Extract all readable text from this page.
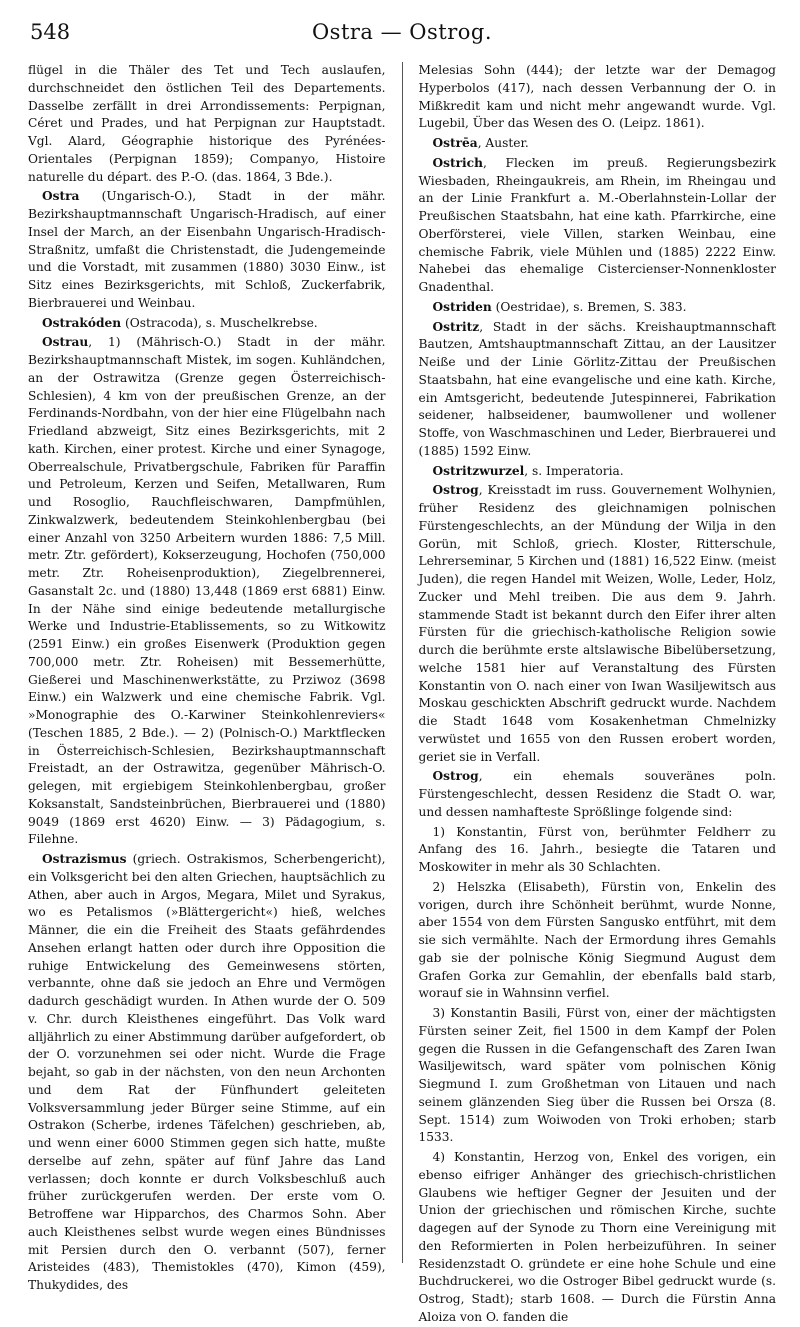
548	Ostra — Ostrog.

flügel in die Thäler des Tet und Tech auslaufen, durchschneidet den östlichen Teil des Departements. Dasselbe zerfällt in drei Arrondissements: Perpignan, Céret und Prades, und hat Perpignan zur Hauptstadt. Vgl. Alard, Géographie historique des Pyrénées-Orientales (Perpignan 1859); Companyo, Histoire naturelle du départ. des P.-O. (das. 1864, 3 Bde.).

Ostra (Ungarisch-O.), Stadt in der mähr. Bezirkshauptmannschaft Ungarisch-Hradisch, auf einer Insel der March, an der Eisenbahn Ungarisch-Hradisch-Straßnitz, umfaßt die Christenstadt, die Judengemeinde und die Vorstadt, mit zusammen (1880) 3030 Einw., ist Sitz eines Bezirksgerichts, mit Schloß, Zuckerfabrik, Bierbrauerei und Weinbau.

Ostrakóden (Ostracoda), s. Muschelkrebse.

Ostrau, 1) (Mährisch-O.) Stadt in der mähr. Bezirkshauptmannschaft Mistek, im sogen. Kuhländchen, an der Ostrawitza (Grenze gegen Österreichisch-Schlesien), 4 km von der preußischen Grenze, an der Ferdinands-Nordbahn, von der hier eine Flügelbahn nach Friedland abzweigt, Sitz eines Bezirksgerichts, mit 2 kath. Kirchen, einer protest. Kirche und einer Synagoge, Oberrealschule, Privatbergschule, Fabriken für Paraffin und Petroleum, Kerzen und Seifen, Metallwaren, Rum und Rosoglio, Rauchfleischwaren, Dampfmühlen, Zinkwalzwerk, bedeutendem Steinkohlenbergbau (bei einer Anzahl von 3250 Arbeitern wurden 1886: 7,5 Mill. metr. Ztr. gefördert), Kokserzeugung, Hochofen (750,000 metr. Ztr. Roheisenproduktion), Ziegelbrennerei, Gasanstalt 2c. und (1880) 13,448 (1869 erst 6881) Einw. In der Nähe sind einige bedeutende metallurgische Werke und Industrie-Etablissements, so zu Witkowitz (2591 Einw.) ein großes Eisenwerk (Produktion gegen 700,000 metr. Ztr. Roheisen) mit Bessemerhütte, Gießerei und Maschinenwerkstätte, zu Prziwoz (3698 Einw.) ein Walzwerk und eine chemische Fabrik. Vgl. »Monographie des O.-Karwiner Steinkohlenreviers« (Teschen 1885, 2 Bde.). — 2) (Polnisch-O.) Marktflecken in Österreichisch-Schlesien, Bezirkshauptmannschaft Freistadt, an der Ostrawitza, gegenüber Mährisch-O. gelegen, mit ergiebigem Steinkohlenbergbau, großer Koksanstalt, Sandsteinbrüchen, Bierbrauerei und (1880) 9049 (1869 erst 4620) Einw. — 3) Pädagogium, s. Filehne.

Ostrazismus (griech. Ostrakismos, Scherbengericht), ein Volksgericht bei den alten Griechen, hauptsächlich zu Athen, aber auch in Argos, Megara, Milet und Syrakus, wo es Petalismos (»Blättergericht«) hieß, welches Männer, die ein die Freiheit des Staats gefährdendes Ansehen erlangt hatten oder durch ihre Opposition die ruhige Entwickelung des Gemeinwesens störten, verbannte, ohne daß sie jedoch an Ehre und Vermögen dadurch geschädigt wurden. In Athen wurde der O. 509 v. Chr. durch Kleisthenes eingeführt. Das Volk ward alljährlich zu einer Abstimmung darüber aufgefordert, ob der O. vorzunehmen sei oder nicht. Wurde die Frage bejaht, so gab in der nächsten, von den neun Archonten und dem Rat der Fünfhundert geleiteten Volksversammlung jeder Bürger seine Stimme, auf ein Ostrakon (Scherbe, irdenes Täfelchen) geschrieben, ab, und wenn einer 6000 Stimmen gegen sich hatte, mußte derselbe auf zehn, später auf fünf Jahre das Land verlassen; doch konnte er durch Volksbeschluß auch früher zurückgerufen werden. Der erste vom O. Betroffene war Hipparchos, des Charmos Sohn. Aber auch Kleisthenes selbst wurde wegen eines Bündnisses mit Persien durch den O. verbannt (507), ferner Aristeides (483), Themistokles (470), Kimon (459), Thukydides, des

Melesias Sohn (444); der letzte war der Demagog Hyperbolos (417), nach dessen Verbannung der O. in Mißkredit kam und nicht mehr angewandt wurde. Vgl. Lugebil, Über das Wesen des O. (Leipz. 1861).

Ostrēa, Auster.

Ostrich, Flecken im preuß. Regierungsbezirk Wiesbaden, Rheingaukreis, am Rhein, im Rheingau und an der Linie Frankfurt a. M.-Oberlahnstein-Lollar der Preußischen Staatsbahn, hat eine kath. Pfarrkirche, eine Oberförsterei, viele Villen, starken Weinbau, eine chemische Fabrik, viele Mühlen und (1885) 2222 Einw. Nahebei das ehemalige Cistercienser-Nonnenkloster Gnadenthal.

Ostriden (Oestridae), s. Bremen, S. 383.

Ostritz, Stadt in der sächs. Kreishauptmannschaft Bautzen, Amtshauptmannschaft Zittau, an der Lausitzer Neiße und der Linie Görlitz-Zittau der Preußischen Staatsbahn, hat eine evangelische und eine kath. Kirche, ein Amtsgericht, bedeutende Jutespinnerei, Fabrikation seidener, halbseidener, baumwollener und wollener Stoffe, von Waschmaschinen und Leder, Bierbrauerei und (1885) 1592 Einw.

Ostritzwurzel, s. Imperatoria.

Ostrog, Kreisstadt im russ. Gouvernement Wolhynien, früher Residenz des gleichnamigen polnischen Fürstengeschlechts, an der Mündung der Wilja in den Gorün, mit Schloß, griech. Kloster, Ritterschule, Lehrerseminar, 5 Kirchen und (1881) 16,522 Einw. (meist Juden), die regen Handel mit Weizen, Wolle, Leder, Holz, Zucker und Mehl treiben. Die aus dem 9. Jahrh. stammende Stadt ist bekannt durch den Eifer ihrer alten Fürsten für die griechisch-katholische Religion sowie durch die berühmte erste altslawische Bibelübersetzung, welche 1581 hier auf Veranstaltung des Fürsten Konstantin von O. nach einer von Iwan Wasiljewitsch aus Moskau geschickten Abschrift gedruckt wurde. Nachdem die Stadt 1648 vom Kosakenhetman Chmelnizky verwüstet und 1655 von den Russen erobert worden, geriet sie in Verfall.

Ostrog, ein ehemals souveränes poln. Fürstengeschlecht, dessen Residenz die Stadt O. war, und dessen namhafteste Sprößlinge folgende sind:

1) Konstantin, Fürst von, berühmter Feldherr zu Anfang des 16. Jahrh., besiegte die Tataren und Moskowiter in mehr als 30 Schlachten.

2) Helszka (Elisabeth), Fürstin von, Enkelin des vorigen, durch ihre Schönheit berühmt, wurde Nonne, aber 1554 von dem Fürsten Sangusko entführt, mit dem sie sich vermählte. Nach der Ermordung ihres Gemahls gab sie der polnische König Siegmund August dem Grafen Gorka zur Gemahlin, der ebenfalls bald starb, worauf sie in Wahnsinn verfiel.

3) Konstantin Basili, Fürst von, einer der mächtigsten Fürsten seiner Zeit, fiel 1500 in dem Kampf der Polen gegen die Russen in die Gefangenschaft des Zaren Iwan Wasiljewitsch, ward später vom polnischen König Siegmund I. zum Großhetman von Litauen und nach seinem glänzenden Sieg über die Russen bei Orsza (8. Sept. 1514) zum Woiwoden von Troki erhoben; starb 1533.

4) Konstantin, Herzog von, Enkel des vorigen, ein ebenso eifriger Anhänger des griechisch-christlichen Glaubens wie heftiger Gegner der Jesuiten und der Union der griechischen und römischen Kirche, suchte dagegen auf der Synode zu Thorn eine Vereinigung mit den Reformierten in Polen herbeizuführen. In seiner Residenzstadt O. gründete er eine hohe Schule und eine Buchdruckerei, wo die Ostroger Bibel gedruckt wurde (s. Ostrog, Stadt); starb 1608. — Durch die Fürstin Anna Aloiza von O. fanden die
